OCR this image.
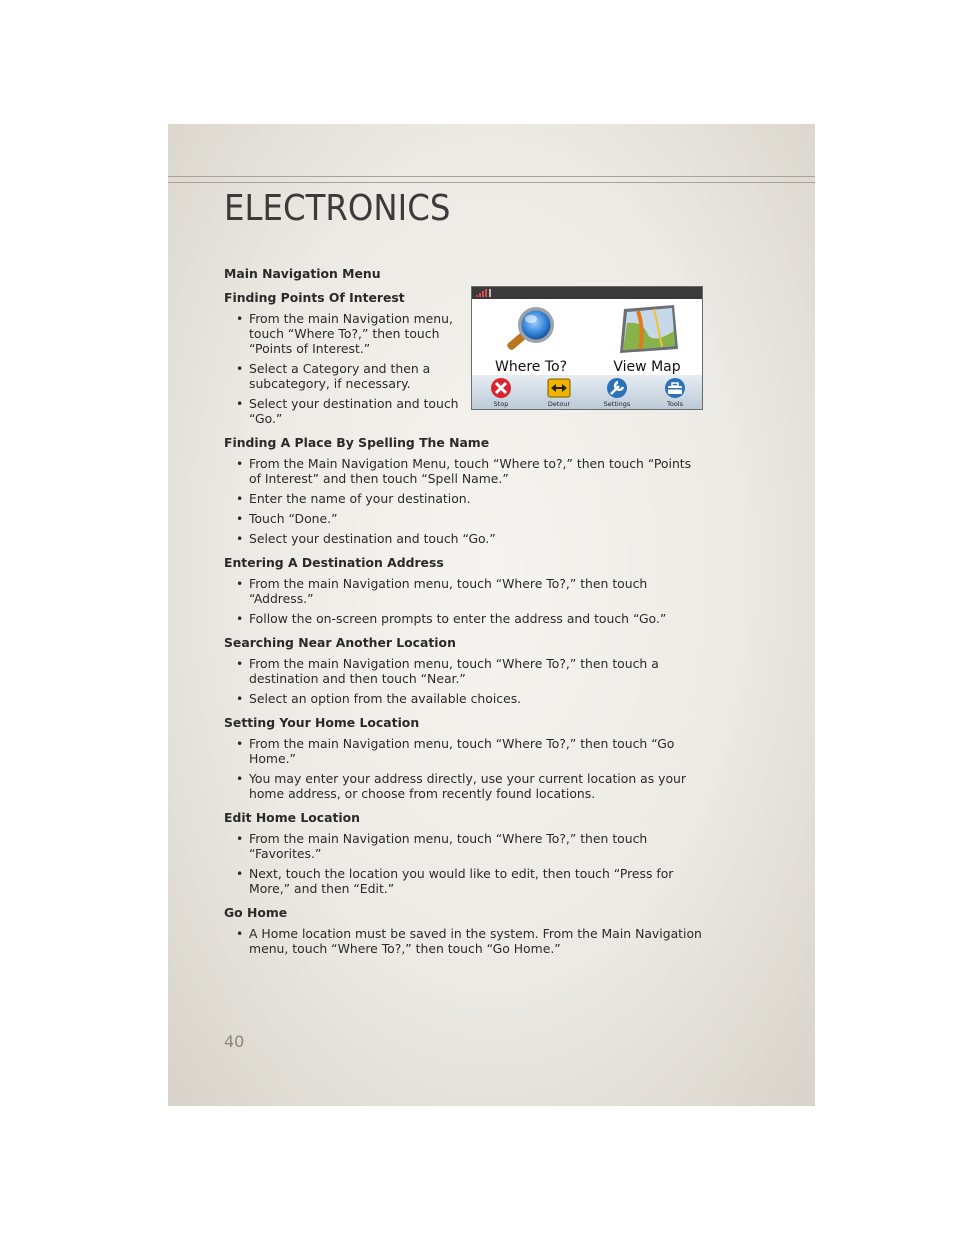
ELECTRONICS
Main Navigation Menu
Finding Points Of Interest
• From the main Navigation menu, touch “Where To?,” then touch “Points of Interest.”
• Select a Category and then a subcategory, if necessary.
• Select your destination and touch “Go.”
Finding A Place By Spelling The Name
• From the Main Navigation Menu, touch “Where to?,” then touch “Points of Interest” and then touch “Spell Name.”
• Enter the name of your destination.
• Touch “Done.”
• Select your destination and touch “Go.”
Entering A Destination Address
• From the main Navigation menu, touch “Where To?,” then touch “Address.”
• Follow the on-screen prompts to enter the address and touch “Go.”
Searching Near Another Location
• From the main Navigation menu, touch “Where To?,” then touch a destination and then touch “Near.”
• Select an option from the available choices.
Setting Your Home Location
• From the main Navigation menu, touch “Where To?,” then touch “Go Home.”
• You may enter your address directly, use your current location as your home address, or choose from recently found locations.
Edit Home Location
• From the main Navigation menu, touch “Where To?,” then touch “Favorites.”
• Next, touch the location you would like to edit, then touch “Press for More,” and then “Edit.”
Go Home
• A Home location must be saved in the system. From the Main Navigation menu, touch “Where To?,” then touch “Go Home.”
Where To?	View Map
Stop	Detour	Settings	Tools
40
